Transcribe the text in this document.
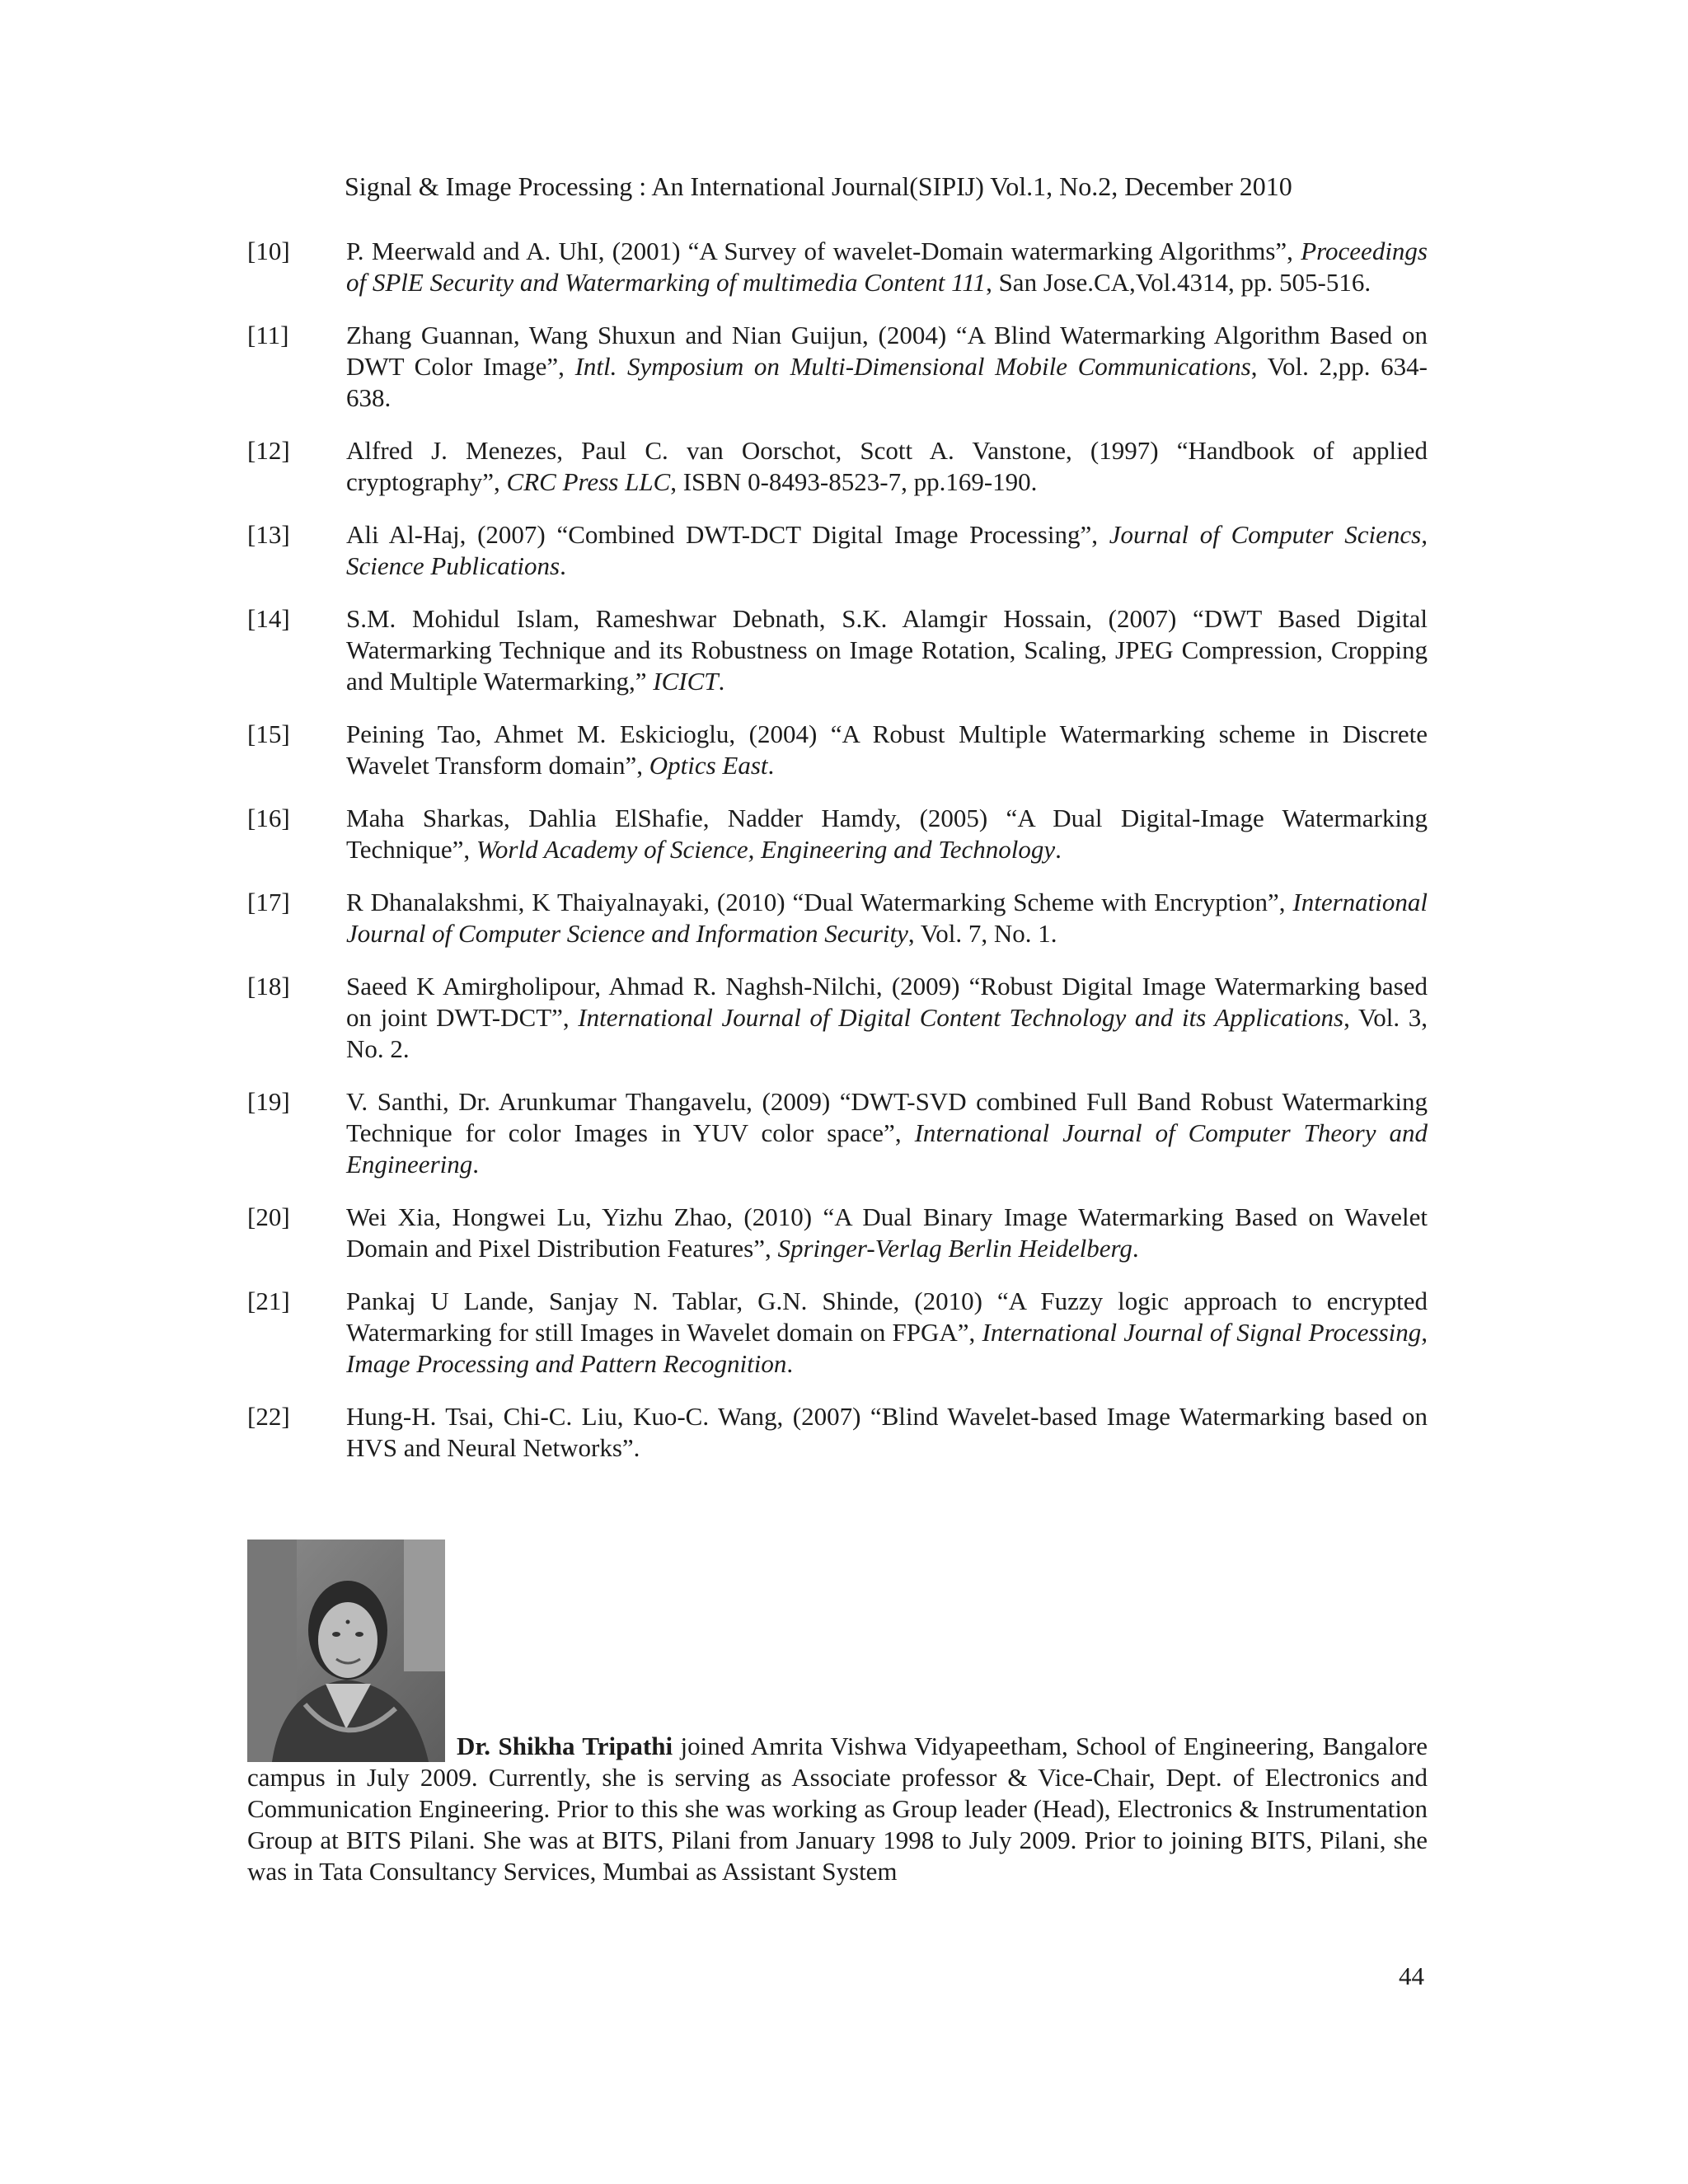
Signal & Image Processing : An International Journal(SIPIJ) Vol.1, No.2, December 2010
[10] P. Meerwald and A. UhI, (2001) “A Survey of wavelet-Domain watermarking Algorithms”, Proceedings of SPlE Security and Watermarking of multimedia Content 111, San Jose.CA,Vol.4314, pp. 505-516.
[11] Zhang Guannan, Wang Shuxun and Nian Guijun, (2004) “A Blind Watermarking Algorithm Based on DWT Color Image”, Intl. Symposium on Multi-Dimensional Mobile Communications, Vol. 2,pp. 634-638.
[12] Alfred J. Menezes, Paul C. van Oorschot, Scott A. Vanstone, (1997) “Handbook of applied cryptography”, CRC Press LLC, ISBN 0-8493-8523-7, pp.169-190.
[13] Ali Al-Haj, (2007) “Combined DWT-DCT Digital Image Processing”, Journal of Computer Sciencs, Science Publications.
[14] S.M. Mohidul Islam, Rameshwar Debnath, S.K. Alamgir Hossain, (2007) “DWT Based Digital Watermarking Technique and its Robustness on Image Rotation, Scaling, JPEG Compression, Cropping and Multiple Watermarking,” ICICT.
[15] Peining Tao, Ahmet M. Eskicioglu, (2004) “A Robust Multiple Watermarking scheme in Discrete Wavelet Transform domain”, Optics East.
[16] Maha Sharkas, Dahlia ElShafie, Nadder Hamdy, (2005) “A Dual Digital-Image Watermarking Technique”, World Academy of Science, Engineering and Technology.
[17] R Dhanalakshmi, K Thaiyalnayaki, (2010) “Dual Watermarking Scheme with Encryption”, International Journal of Computer Science and Information Security, Vol. 7, No. 1.
[18] Saeed K Amirgholipour, Ahmad R. Naghsh-Nilchi, (2009) “Robust Digital Image Watermarking based on joint DWT-DCT”, International Journal of Digital Content Technology and its Applications, Vol. 3, No. 2.
[19] V. Santhi, Dr. Arunkumar Thangavelu, (2009) “DWT-SVD combined Full Band Robust Watermarking Technique for color Images in YUV color space”, International Journal of Computer Theory and Engineering.
[20] Wei Xia, Hongwei Lu, Yizhu Zhao, (2010) “A Dual Binary Image Watermarking Based on Wavelet Domain and Pixel Distribution Features”, Springer-Verlag Berlin Heidelberg.
[21] Pankaj U Lande, Sanjay N. Tablar, G.N. Shinde, (2010) “A Fuzzy logic approach to encrypted Watermarking for still Images in Wavelet domain on FPGA”, International Journal of Signal Processing, Image Processing and Pattern Recognition.
[22] Hung-H. Tsai, Chi-C. Liu, Kuo-C. Wang, (2007) “Blind Wavelet-based Image Watermarking based on HVS and Neural Networks”.
Dr. Shikha Tripathi joined Amrita Vishwa Vidyapeetham, School of Engineering, Bangalore campus in July 2009. Currently, she is serving as Associate professor & Vice-Chair, Dept. of Electronics and Communication Engineering. Prior to this she was working as Group leader (Head), Electronics & Instrumentation Group at BITS Pilani. She was at BITS, Pilani from January 1998 to July 2009. Prior to joining BITS, Pilani, she was in Tata Consultancy Services, Mumbai as Assistant System
44
